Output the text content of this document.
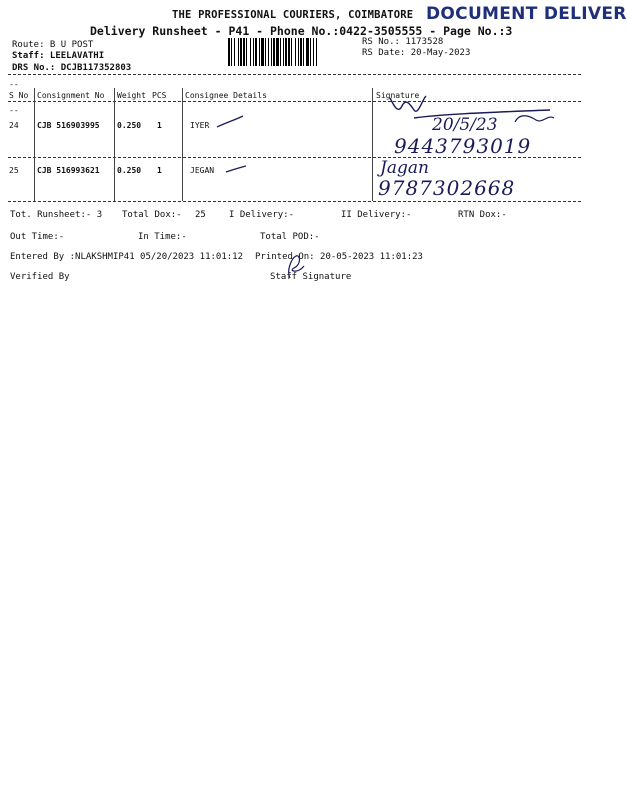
THE PROFESSIONAL COURIERS, COIMBATORE DOCUMENT DELIVER
Delivery Runsheet - P41 - Phone No.:0422-3505555 - Page No.:3
Route: B U POST
Staff: LEELAVATHI
DRS No.: DCJB117352803
RS No.: 1173528
RS Date: 20-May-2023
--
--
S No Consignment No Weight PCS Consignee Details	Signature
24 CJB 516903995 0.250 1	IYER	20/5/23
9443793019
25 CJB 516993621 0.250 1	JEGAN	Jagan
9787302668
Tot. Runsheet:- 3 Total Dox:- 25	I Delivery:-	II Delivery:-	RTN Dox:-
Out Time:-	In Time:-	Total POD:-
Entered By :NLAKSHMIP41 05/20/2023 11:01:12 Printed On: 20-05-2023 11:01:23
Verified By	Staff Signature
